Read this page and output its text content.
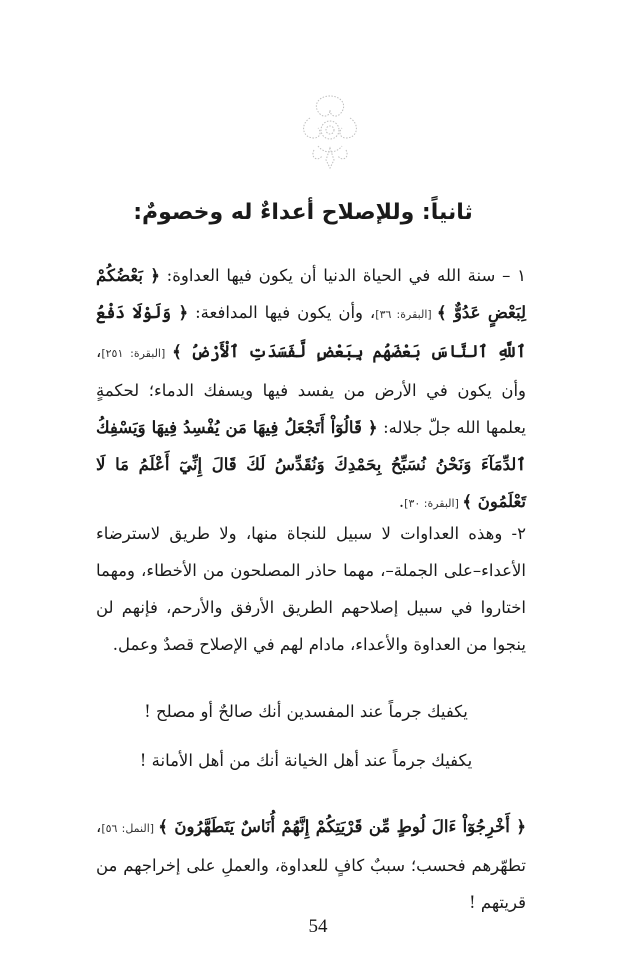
ثانياً: وللإصلاح أعداءٌ له وخصومٌ:
١ – سنة الله في الحياة الدنيا أن يكون فيها العداوة: ﴿ بَعْضُكُمْ لِبَعْضٍ عَدُوٌّ ﴾ [البقرة: ٣٦]، وأن يكون فيها المدافعة: ﴿ وَلَوْلَا دَفْعُ ٱللَّهِ ٱلنَّاسَ بَعْضَهُم بِبَعْضٍ لَّفَسَدَتِ ٱلْأَرْضُ ﴾ [البقرة: ٢٥١]، وأن يكون في الأرض من يفسد فيها ويسفك الدماء؛ لحكمةٍ يعلمها الله جلّ جلاله: ﴿ قَالُوٓاْ أَتَجْعَلُ فِيهَا مَن يُفْسِدُ فِيهَا وَيَسْفِكُ ٱلدِّمَآءَ وَنَحْنُ نُسَبِّحُ بِحَمْدِكَ وَنُقَدِّسُ لَكَ قَالَ إِنِّيٓ أَعْلَمُ مَا لَا تَعْلَمُونَ ﴾ [البقرة: ٣٠].
٢- وهذه العداوات لا سبيل للنجاة منها، ولا طريق لاسترضاء الأعداء–على الجملة–، مهما حاذر المصلحون من الأخطاء، ومهما اختاروا في سبيل إصلاحهم الطريق الأرفق والأرحم، فإنهم لن ينجوا من العداوة والأعداء، مادام لهم في الإصلاح قصدٌ وعمل.
يكفيك جرماً عند المفسدين أنك صالحٌ أو مصلح !
يكفيك جرماً عند أهل الخيانة أنك من أهل الأمانة !
﴿ أَخْرِجُوٓاْ ءَالَ لُوطٍ مِّن قَرْيَتِكُمْ إِنَّهُمْ أُنَاسٌ يَتَطَهَّرُونَ ﴾ [النمل: ٥٦]، تطهّرهم فحسب؛ سببٌ كافٍ للعداوة، والعملِ على إخراجهم من قريتهم !
54
